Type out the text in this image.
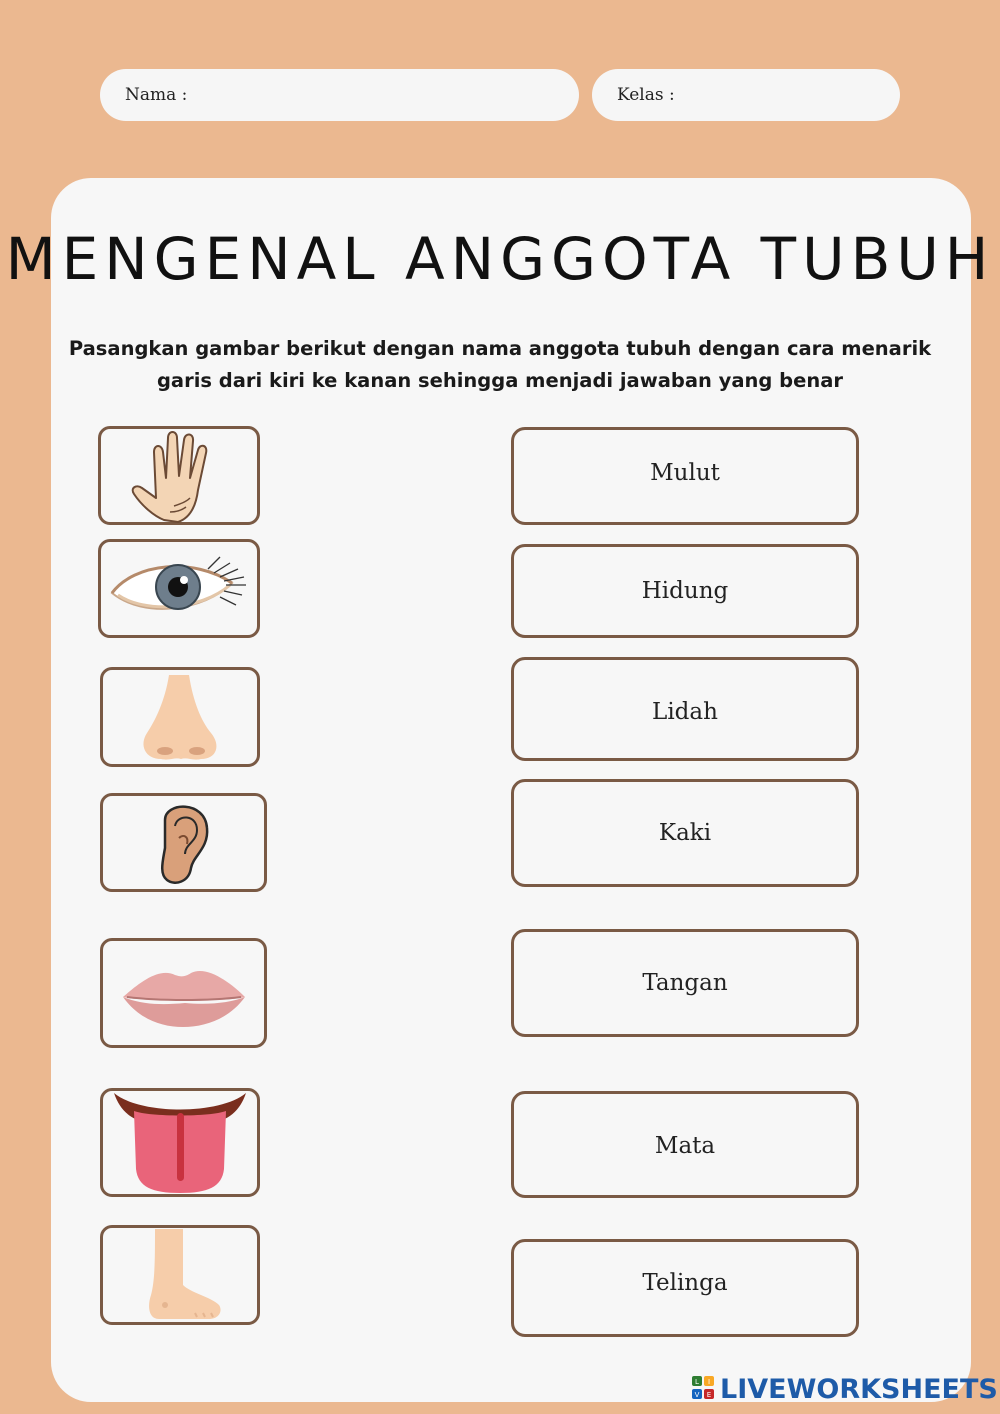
Nama :	Kelas :
MENGENAL ANGGOTA TUBUH
Pasangkan gambar berikut dengan nama anggota tubuh dengan cara menarik
garis dari kiri ke kanan sehingga menjadi jawaban yang benar
Mulut
Hidung
Lidah
Kaki
Tangan
Mata
Telinga
L I
V E LIVEWORKSHEETS
